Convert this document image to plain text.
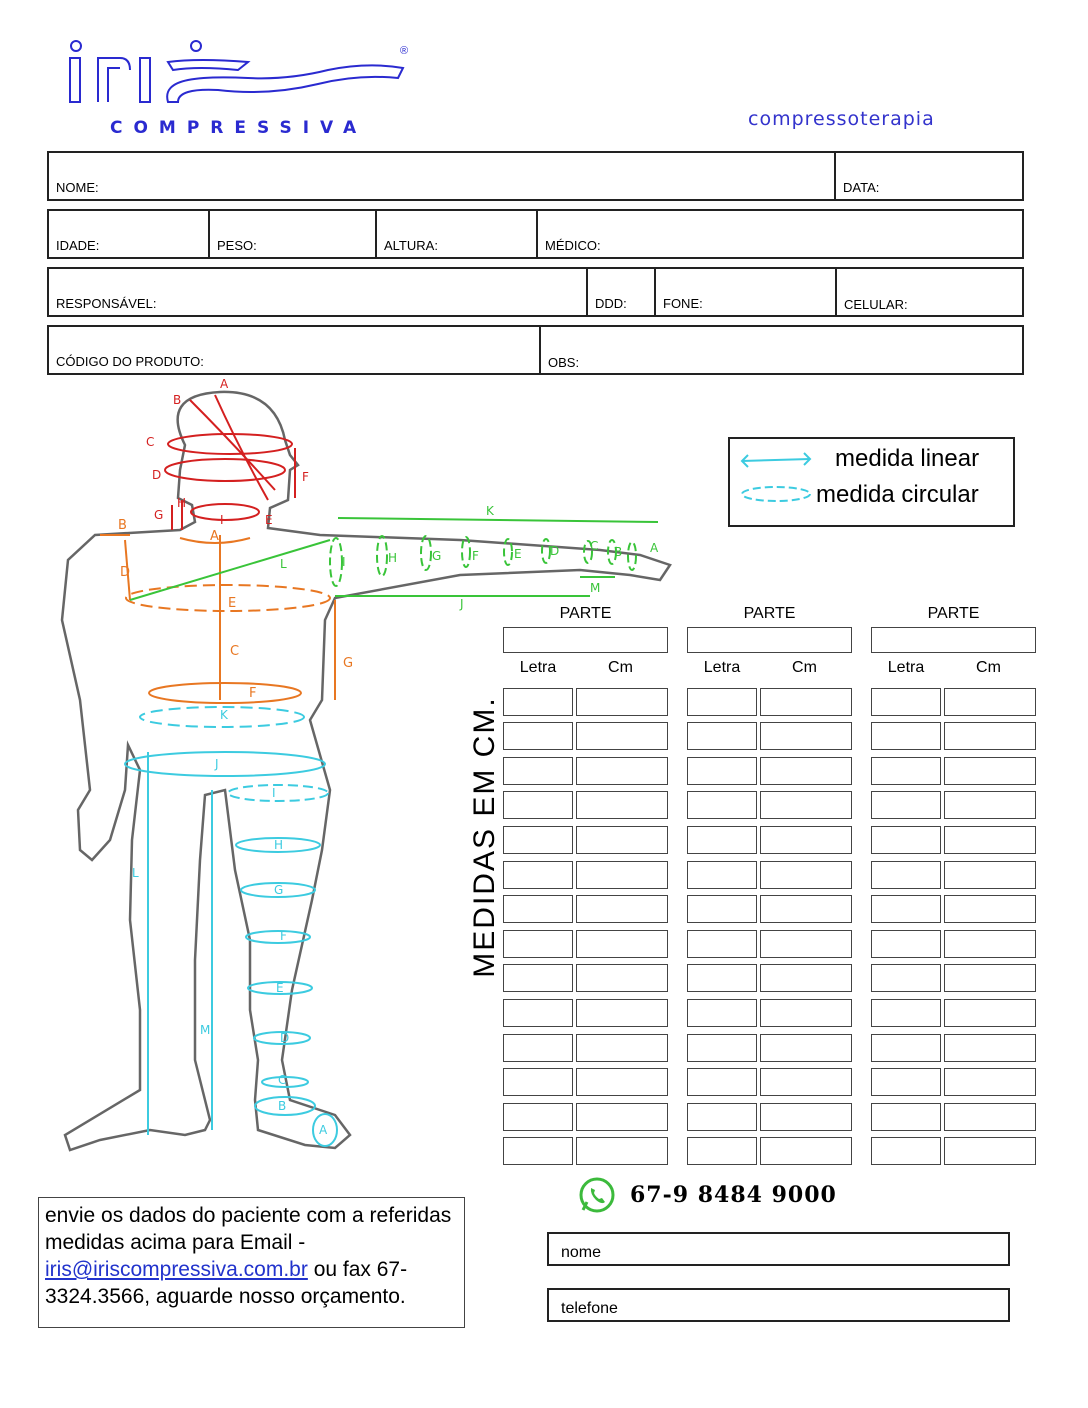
®
COMPRESSIVA	compressoterapia
NOME:	DATA:
IDADE:	PESO:	ALTURA:	MÉDICO:
RESPONSÁVEL:	DDD:	FONE:	CELULAR:
CÓDIGO DO PRODUTO:	OBS:
A
B
C
D
E
F
G
H
I
A
B
C
D
E
F
G
K
L
J
M
I	H	G	F	E D	C B A
K
J
I
H
G
F
E
D
C
B
A
L
M
medida linear
medida circular
MEDIDAS EM CM.
PARTE
Letra	Cm
PARTE
Letra	Cm
PARTE
Letra	Cm
envie os dados do paciente com a referidas medidas acima para Email - iris@iriscompressiva.com.br ou fax 67-3324.3566, aguarde nosso orçamento.
67-9 8484 9000
nome
telefone
